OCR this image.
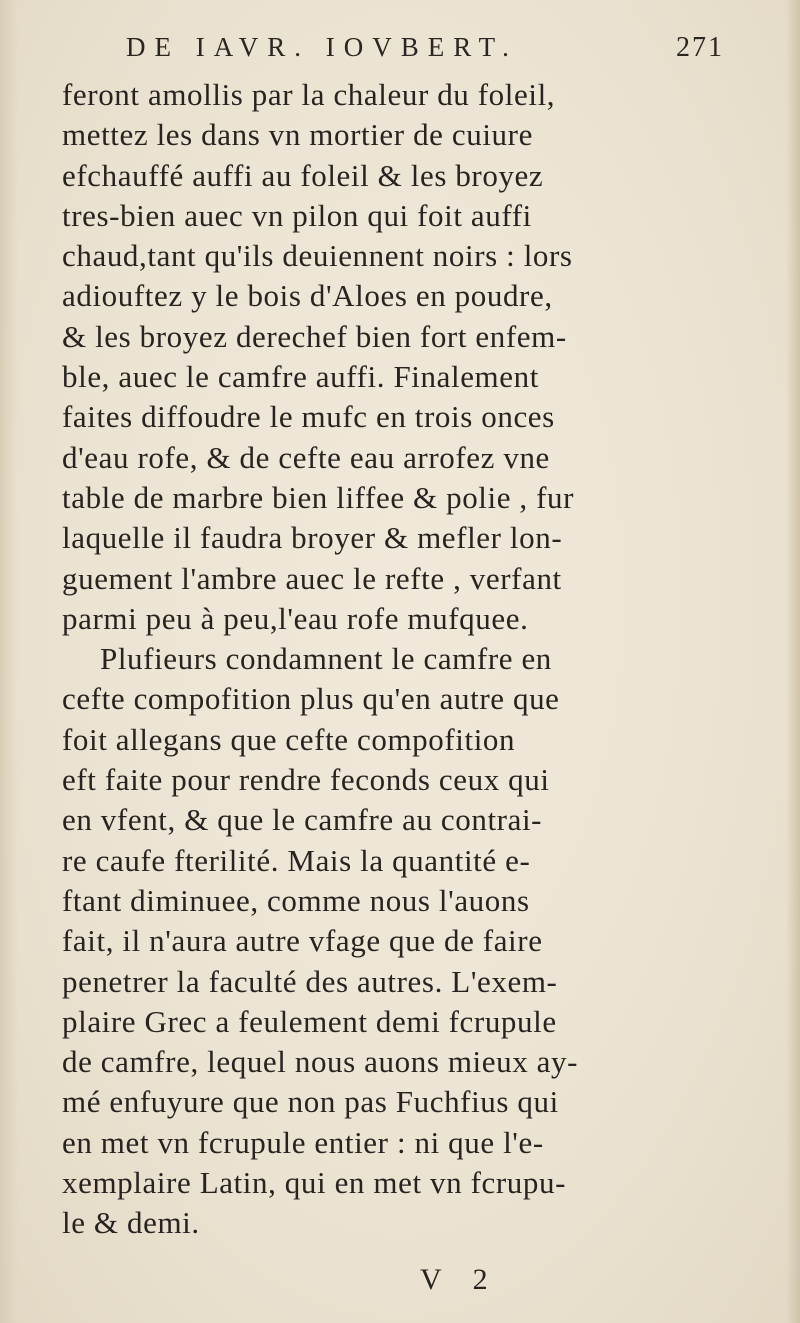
DE IAVR. IOVBERT.	271
feront amollis par la chaleur du foleil,
mettez les dans vn mortier de cuiure
efchauffé auffi au foleil & les broyez
tres-bien auec vn pilon qui foit auffi
chaud,tant qu'ils deuiennent noirs : lors
adiouftez y le bois d'Aloes en poudre,
& les broyez derechef bien fort enfem-
ble, auec le camfre auffi. Finalement
faites diffoudre le mufc en trois onces
d'eau rofe, & de cefte eau arrofez vne
table de marbre bien liffee & polie , fur
laquelle il faudra broyer & mefler lon-
guement l'ambre auec le refte , verfant
parmi peu à peu,l'eau rofe mufquee.
Plufieurs condamnent le camfre en
cefte compofition plus qu'en autre que
foit allegans que cefte compofition
eft faite pour rendre feconds ceux qui
en vfent, & que le camfre au contrai-
re caufe fterilité. Mais la quantité e-
ftant diminuee, comme nous l'auons
fait, il n'aura autre vfage que de faire
penetrer la faculté des autres. L'exem-
plaire Grec a feulement demi fcrupule
de camfre, lequel nous auons mieux ay-
mé enfuyure que non pas Fuchfius qui
en met vn fcrupule entier : ni que l'e-
xemplaire Latin, qui en met vn fcrupu-
le & demi.
V 2
